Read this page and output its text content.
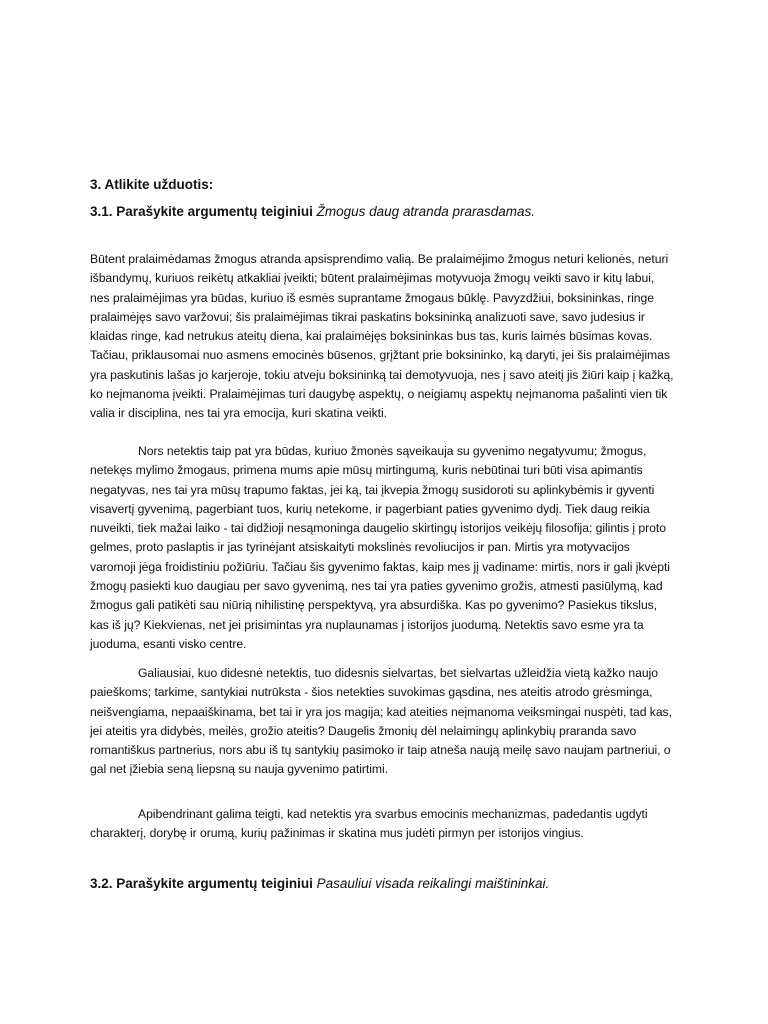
3. Atlikite užduotis:
3.1. Parašykite argumentų teiginiui Žmogus daug atranda prarasdamas.
Būtent pralaimėdamas žmogus atranda apsisprendimo valią. Be pralaimėjimo žmogus neturi kelionės, neturi išbandymų, kuriuos reikėtų atkakliai įveikti; būtent pralaimėjimas motyvuoja žmogų veikti savo ir kitų labui, nes pralaimėjimas yra būdas, kuriuo iš esmės suprantame žmogaus būklę. Pavyzdžiui, boksininkas, ringe pralaimėjęs savo varžovui; šis pralaimėjimas tikrai paskatins boksininką analizuoti save, savo judesius ir klaidas ringe, kad netrukus ateitų diena, kai pralaimėjęs boksininkas bus tas, kuris laimės būsimas kovas. Tačiau, priklausomai nuo asmens emocinės būsenos, grįžtant prie boksininko, ką daryti, jei šis pralaimėjimas yra paskutinis lašas jo karjeroje, tokiu atveju boksininką tai demotyvuoja, nes į savo ateitį jis žiūri kaip į kažką, ko neįmanoma įveikti. Pralaimėjimas turi daugybę aspektų, o neigiamų aspektų neįmanoma pašalinti vien tik valia ir disciplina, nes tai yra emocija, kuri skatina veikti.
Nors netektis taip pat yra būdas, kuriuo žmonės sąveikauja su gyvenimo negatyvumu; žmogus, netekęs mylimo žmogaus, primena mums apie mūsų mirtingumą, kuris nebūtinai turi būti visa apimantis negatyvas, nes tai yra mūsų trapumo faktas, jei ką, tai įkvepia žmogų susidoroti su aplinkybėmis ir gyventi visavertį gyvenimą, pagerbiant tuos, kurių netekome, ir pagerbiant paties gyvenimo dydį. Tiek daug reikia nuveikti, tiek mažai laiko - tai didžioji nesąmoninga daugelio skirtingų istorijos veikėjų filosofija; gilintis į proto gelmes, proto paslaptis ir jas tyrinėjant atsiskaityti mokslinės revoliucijos ir pan. Mirtis yra motyvacijos varomoji jėga froidistiniu požiūriu. Tačiau šis gyvenimo faktas, kaip mes jį vadiname: mirtis, nors ir gali įkvėpti žmogų pasiekti kuo daugiau per savo gyvenimą, nes tai yra paties gyvenimo grožis, atmesti pasiūlymą, kad žmogus gali patikėti sau niūrią nihilistinę perspektyvą, yra absurdiška. Kas po gyvenimo? Pasiekus tikslus, kas iš jų? Kiekvienas, net jei prisimintas yra nuplaunamas į istorijos juodumą. Netektis savo esme yra ta juoduma, esanti visko centre.
Galiausiai, kuo didesnė netektis, tuo didesnis sielvartas, bet sielvartas užleidžia vietą kažko naujo paieškoms; tarkime, santykiai nutrūksta - šios netekties suvokimas gąsdina, nes ateitis atrodo grėsminga, neišvengiama, nepaaiškinama, bet tai ir yra jos magija; kad ateities neįmanoma veiksmingai nuspėti, tad kas, jei ateitis yra didybės, meilės, grožio ateitis? Daugelis žmonių dėl nelaimingų aplinkybių praranda savo romantiškus partnerius, nors abu iš tų santykių pasimoko ir taip atneša naują meilę savo naujam partneriui, o gal net įžiebia seną liepsną su nauja gyvenimo patirtimi.
Apibendrinant galima teigti, kad netektis yra svarbus emocinis mechanizmas, padedantis ugdyti charakterį, dorybę ir orumą, kurių pažinimas ir skatina mus judėti pirmyn per istorijos vingius.
3.2. Parašykite argumentų teiginiui Pasauliui visada reikalingi maištininkai.
